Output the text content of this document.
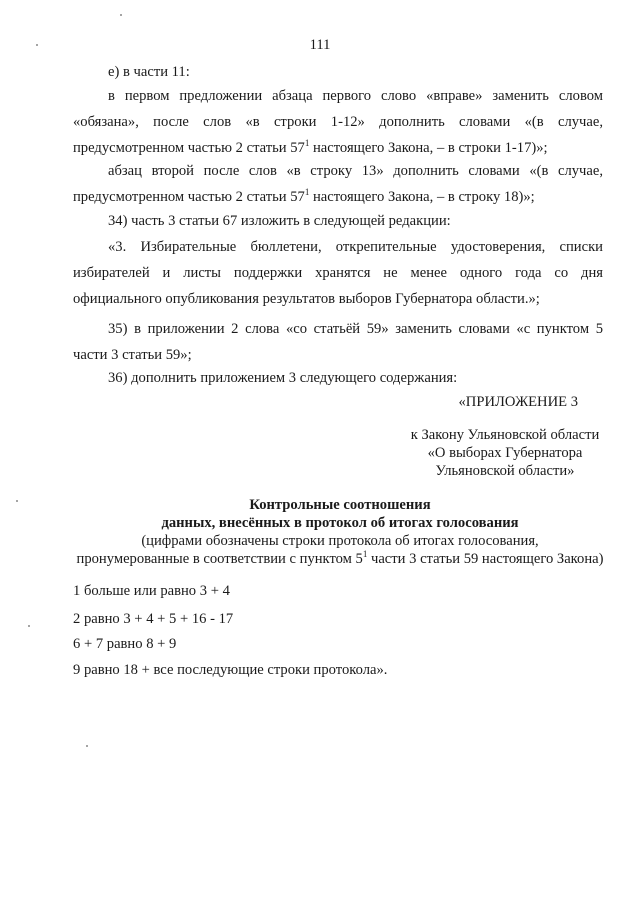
111
е) в части 11:
в первом предложении абзаца первого слово «вправе» заменить словом
«обязана», после слов «в строки 1-12» дополнить словами «(в случае,
предусмотренном частью 2 статьи $57^1$ настоящего Закона, – в строки 1-17)»;
абзац второй после слов «в строку 13» дополнить словами «(в случае,
предусмотренном частью 2 статьи $57^1$ настоящего Закона, – в строку 18)»;
34) часть 3 статьи 67 изложить в следующей редакции:
«3. Избирательные бюллетени, открепительные удостоверения, списки
избирателей и листы поддержки хранятся не менее одного года со дня
официального опубликования результатов выборов Губернатора области.»;
35) в приложении 2 слова «со статьёй 59» заменить словами «с пунктом 5
части 3 статьи 59»;
36) дополнить приложением 3 следующего содержания:
«ПРИЛОЖЕНИЕ 3
к Закону Ульяновской области
«О выборах Губернатора
Ульяновской области»
Контрольные соотношения
данных, внесённых в протокол об итогах голосования
(цифрами обозначены строки протокола об итогах голосования,
пронумерованные в соответствии с пунктом $5^1$ части 3 статьи 59 настоящего Закона)
1 больше или равно 3 + 4
2 равно 3 + 4 + 5 + 16 - 17
6 + 7 равно 8 + 9
9 равно 18 + все последующие строки протокола».
